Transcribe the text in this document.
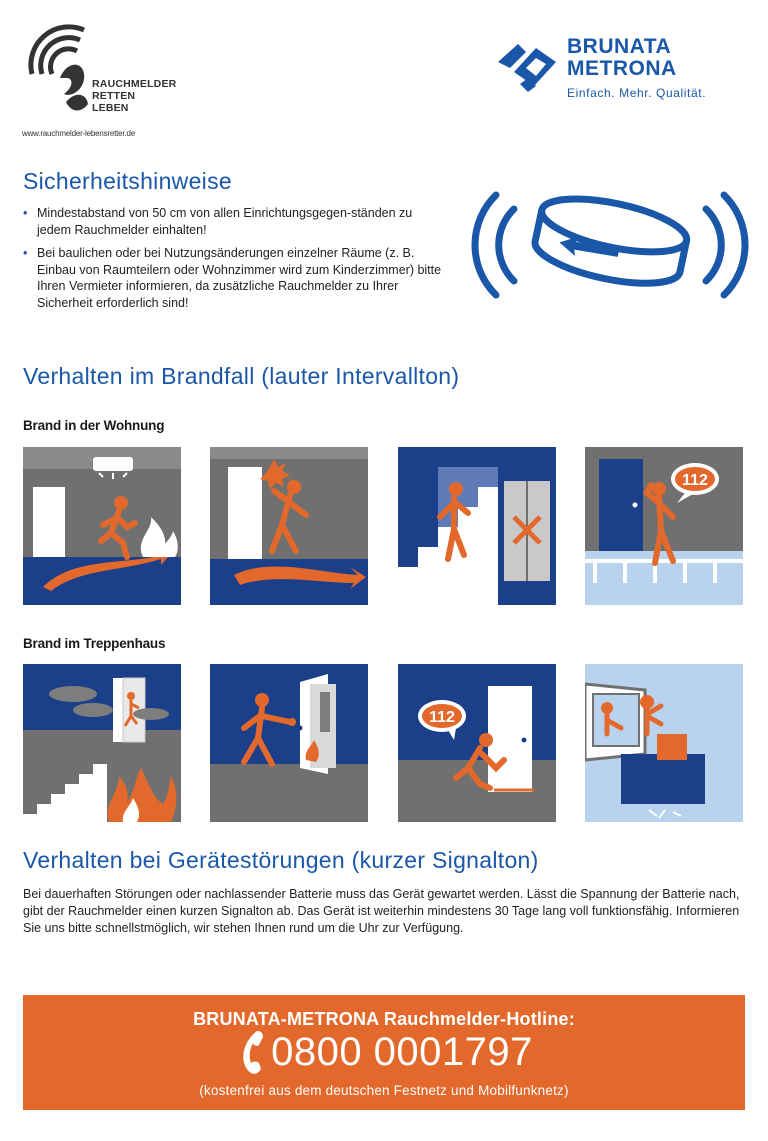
RAUCHMELDER
RETTEN
LEBEN
www.rauchmelder-lebensretter.de
BRUNATA
METRONA
Einfach. Mehr. Qualität.
Sicherheitshinweise
• Mindestabstand von 50 cm von allen Einrichtungsgegen-ständen zu jedem Rauchmelder einhalten!
• Bei baulichen oder bei Nutzungsänderungen einzelner Räume (z. B. Einbau von Raumteilern oder Wohnzimmer wird zum Kinderzimmer) bitte Ihren Vermieter informieren, da zusätzliche Rauchmelder zu Ihrer Sicherheit erforderlich sind!
Verhalten im Brandfall (lauter Intervallton)
Brand in der Wohnung
112
Brand im Treppenhaus
112
Verhalten bei Gerätestörungen (kurzer Signalton)
Bei dauerhaften Störungen oder nachlassender Batterie muss das Gerät gewartet werden. Lässt die Spannung der Batterie nach, gibt der Rauchmelder einen kurzen Signalton ab. Das Gerät ist weiterhin mindestens 30 Tage lang voll funktionsfähig. Informieren Sie uns bitte schnellstmöglich, wir stehen Ihnen rund um die Uhr zur Verfügung.
BRUNATA-METRONA Rauchmelder-Hotline:
0800 0001797
(kostenfrei aus dem deutschen Festnetz und Mobilfunknetz)
